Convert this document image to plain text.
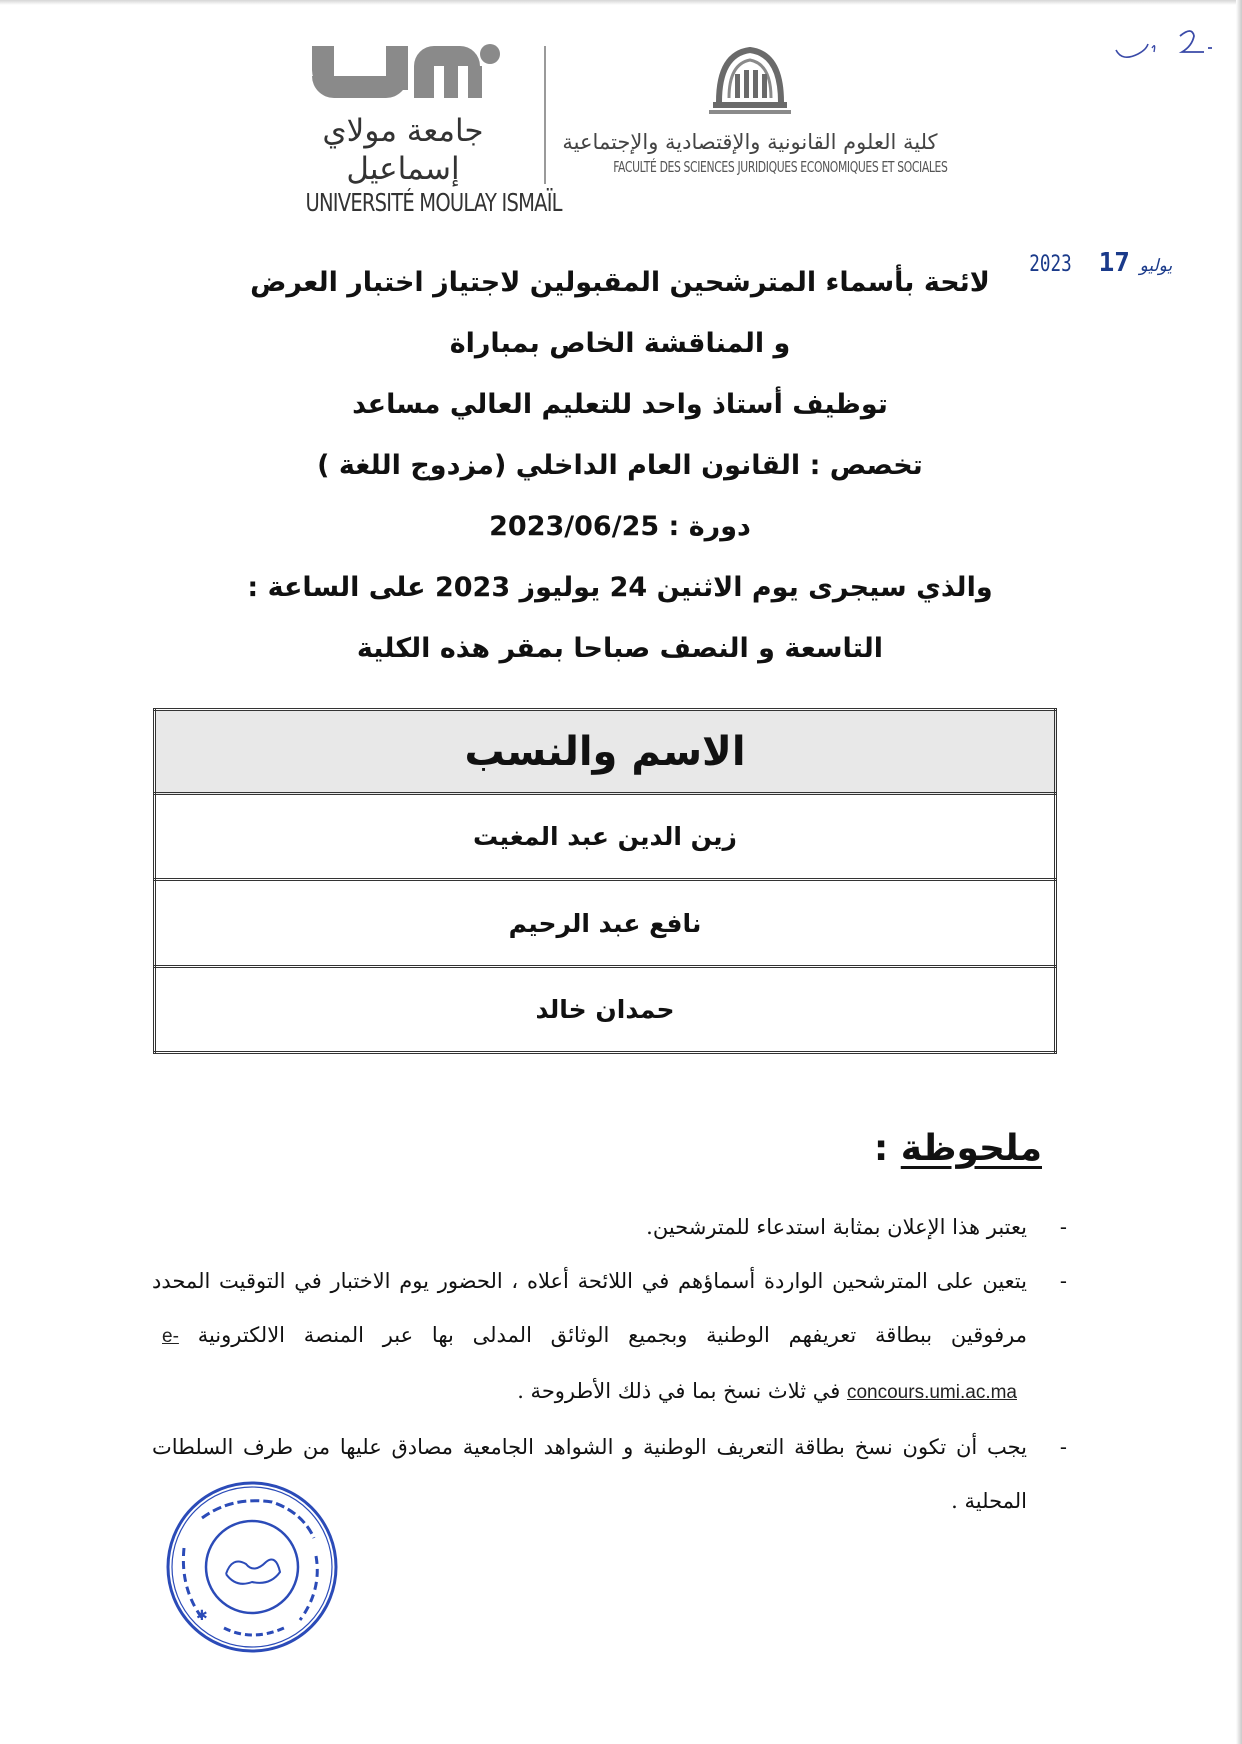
جامعة مولاي إسماعيل
UNIVERSITÉ MOULAY ISMAÏL
كلية العلوم القانونية والإقتصادية والإجتماعية
FACULTÉ DES SCIENCES JURIDIQUES ECONOMIQUES ET SOCIALES
2023	يوليو 17
لائحة بأسماء المترشحين المقبولين لاجتياز اختبار العرض
و المناقشة الخاص بمباراة
توظيف أستاذ واحد للتعليم العالي مساعد
تخصص : القانون العام الداخلي (مزدوج اللغة )
دورة : 2023/06/25
والذي سيجرى يوم الاثنين 24 يوليوز 2023 على الساعة :
التاسعة و النصف صباحا بمقر هذه الكلية
الاسم والنسب
زين الدين عبد المغيت
نافع عبد الرحيم
حمدان خالد
ملحوظة :
-
يعتبر هذا الإعلان بمثابة استدعاء للمترشحين.
-
يتعين على المترشحين الواردة أسماؤهم في اللائحة أعلاه ، الحضور يوم الاختبار في التوقيت المحدد مرفوقين ببطاقة تعريفهم الوطنية وبجميع الوثائق المدلى بها عبر المنصة الالكترونية e-concours.umi.ac.ma في ثلاث نسخ بما في ذلك الأطروحة .
-
يجب أن تكون نسخ بطاقة التعريف الوطنية و الشواهد الجامعية مصادق عليها من طرف السلطات المحلية .
✱
